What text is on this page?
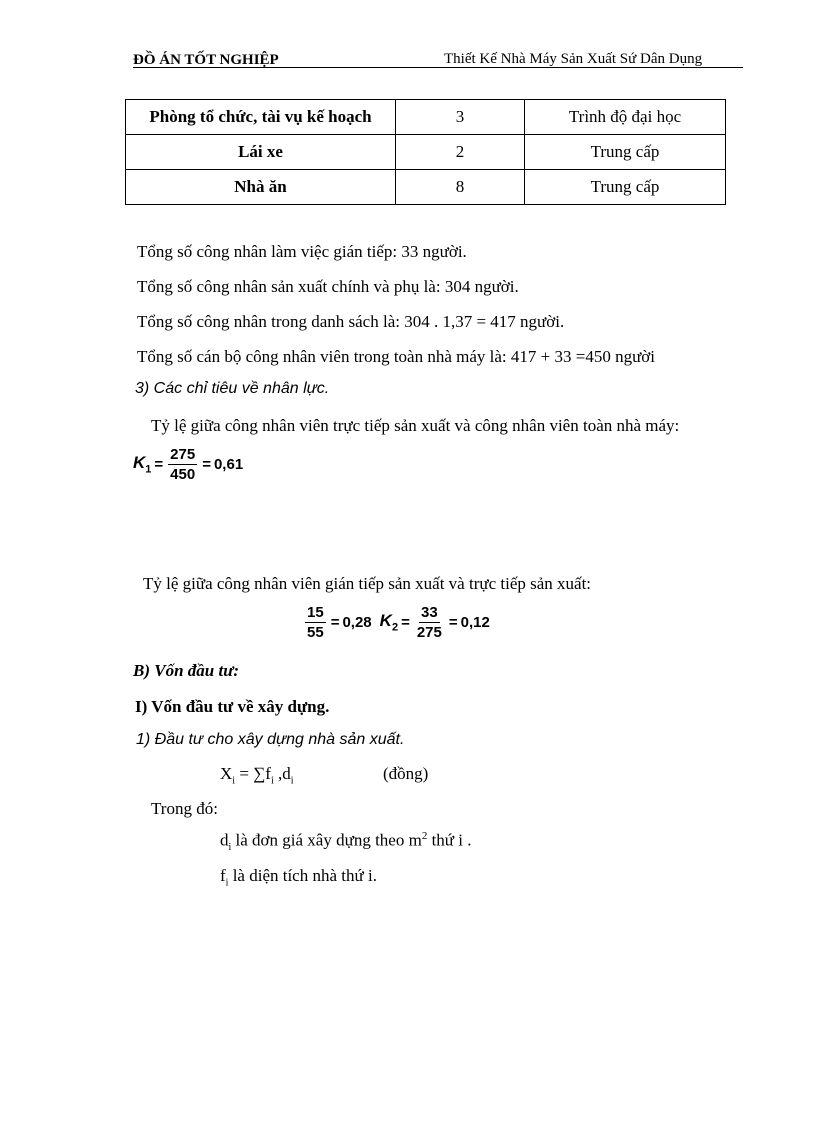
ĐỒ ÁN TỐT NGHIỆP	Thiết Kế Nhà Máy Sản Xuất Sứ Dân Dụng
Phòng tổ chức, tài vụ kế hoạch	3	Trình độ đại học
Lái xe	2	Trung cấp
Nhà ăn	8	Trung cấp
Tổng số công nhân làm việc gián tiếp: 33 người.
Tổng số công nhân sản xuất chính và phụ là: 304 người.
Tổng số công nhân trong danh sách là: 304 . 1,37 = 417 người.
Tổng số cán bộ công nhân viên trong toàn nhà máy là: 417 + 33 =450 người
3) Các chỉ tiêu về nhân lực.
Tỷ lệ giữa công nhân viên trực tiếp sản xuất và công nhân viên toàn nhà máy:
$K_1 = \frac{275}{450} = 0,61$
Tỷ lệ giữa công nhân viên gián tiếp sản xuất và trực tiếp sản xuất:
$\frac{15}{55} = 0,28$ $K_2 = \frac{33}{275} = 0,12$
B) Vốn đầu tư:
I) Vốn đầu tư về xây dựng.
1) Đầu tư cho xây dựng nhà sản xuất.
$X_i = \sum f_i$ $,d_i$	(đồng)
Trong đó:
$d_i$ là đơn giá xây dựng theo $m^2$ thứ i .
$f_i$ là diện tích nhà thứ i.
